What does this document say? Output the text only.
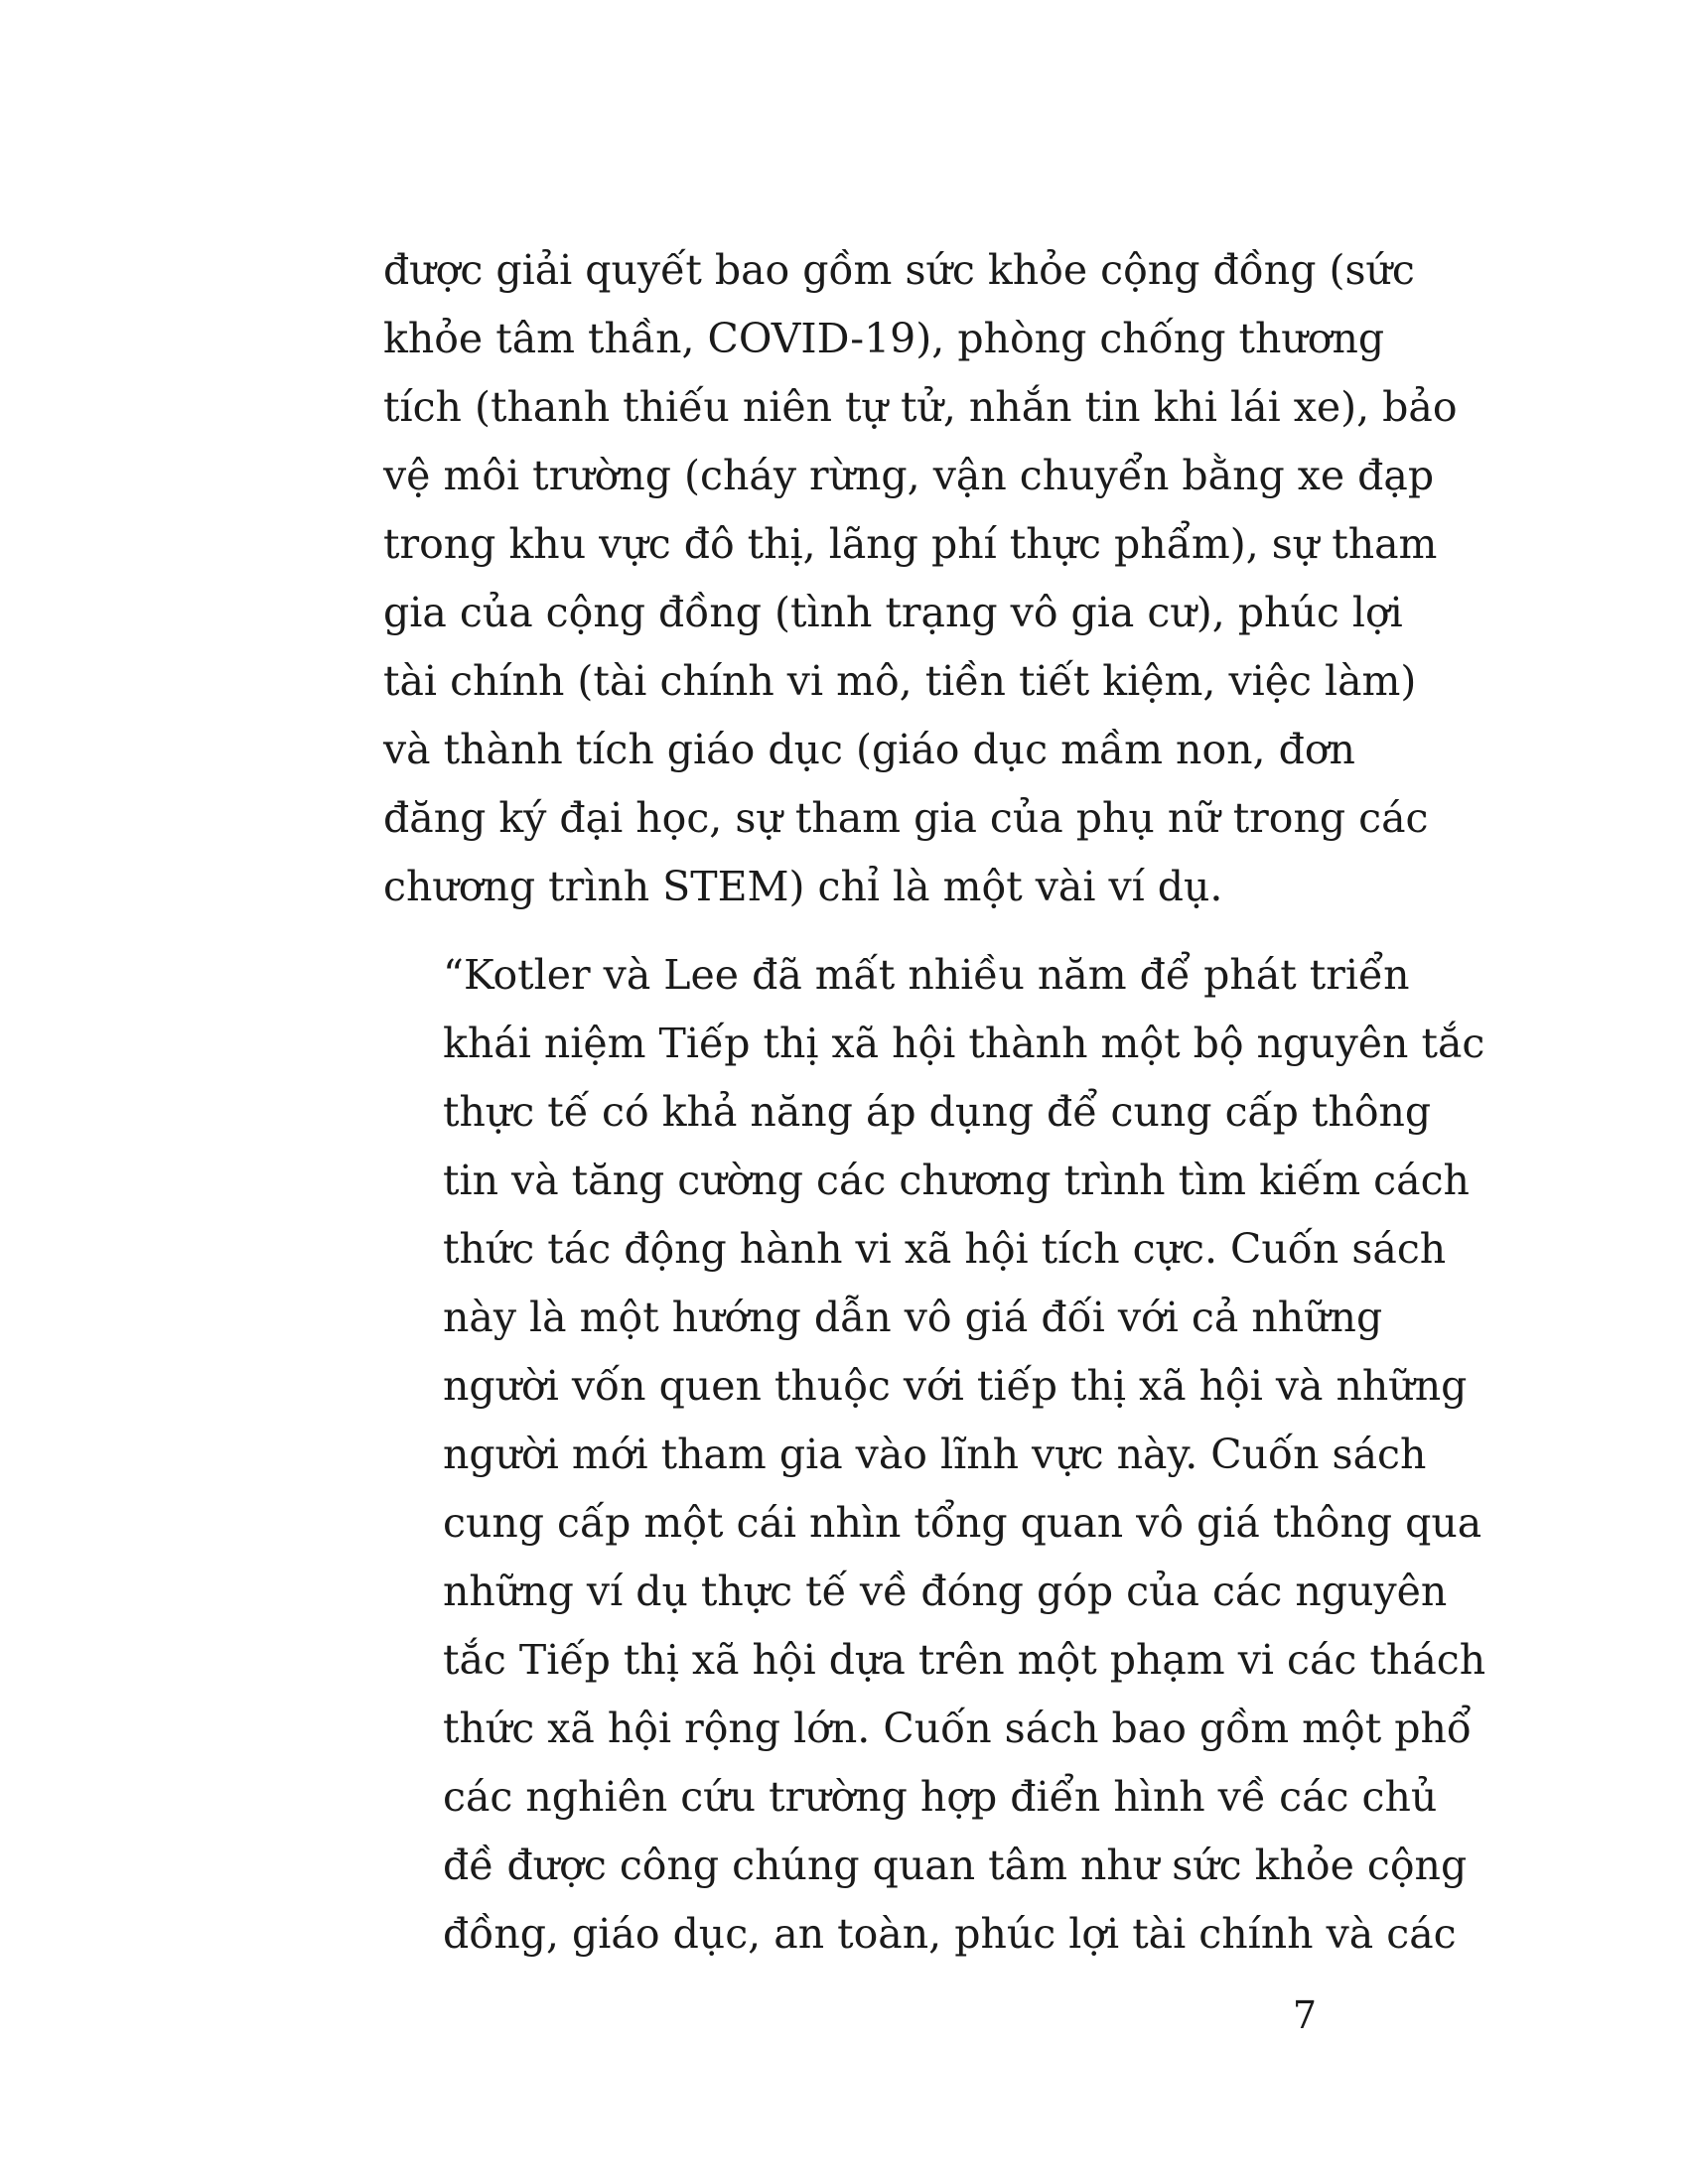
được giải quyết bao gồm sức khỏe cộng đồng (sức
khỏe tâm thần, COVID-19), phòng chống thương
tích (thanh thiếu niên tự tử, nhắn tin khi lái xe), bảo
vệ môi trường (cháy rừng, vận chuyển bằng xe đạp
trong khu vực đô thị, lãng phí thực phẩm), sự tham
gia của cộng đồng (tình trạng vô gia cư), phúc lợi
tài chính (tài chính vi mô, tiền tiết kiệm, việc làm)
và thành tích giáo dục (giáo dục mầm non, đơn
đăng ký đại học, sự tham gia của phụ nữ trong các
chương trình STEM) chỉ là một vài ví dụ.

“Kotler và Lee đã mất nhiều năm để phát triển
khái niệm Tiếp thị xã hội thành một bộ nguyên tắc
thực tế có khả năng áp dụng để cung cấp thông
tin và tăng cường các chương trình tìm kiếm cách
thức tác động hành vi xã hội tích cực. Cuốn sách
này là một hướng dẫn vô giá đối với cả những
người vốn quen thuộc với tiếp thị xã hội và những
người mới tham gia vào lĩnh vực này. Cuốn sách
cung cấp một cái nhìn tổng quan vô giá thông qua
những ví dụ thực tế về đóng góp của các nguyên
tắc Tiếp thị xã hội dựa trên một phạm vi các thách
thức xã hội rộng lớn. Cuốn sách bao gồm một phổ
các nghiên cứu trường hợp điển hình về các chủ
đề được công chúng quan tâm như sức khỏe cộng
đồng, giáo dục, an toàn, phúc lợi tài chính và các

7
